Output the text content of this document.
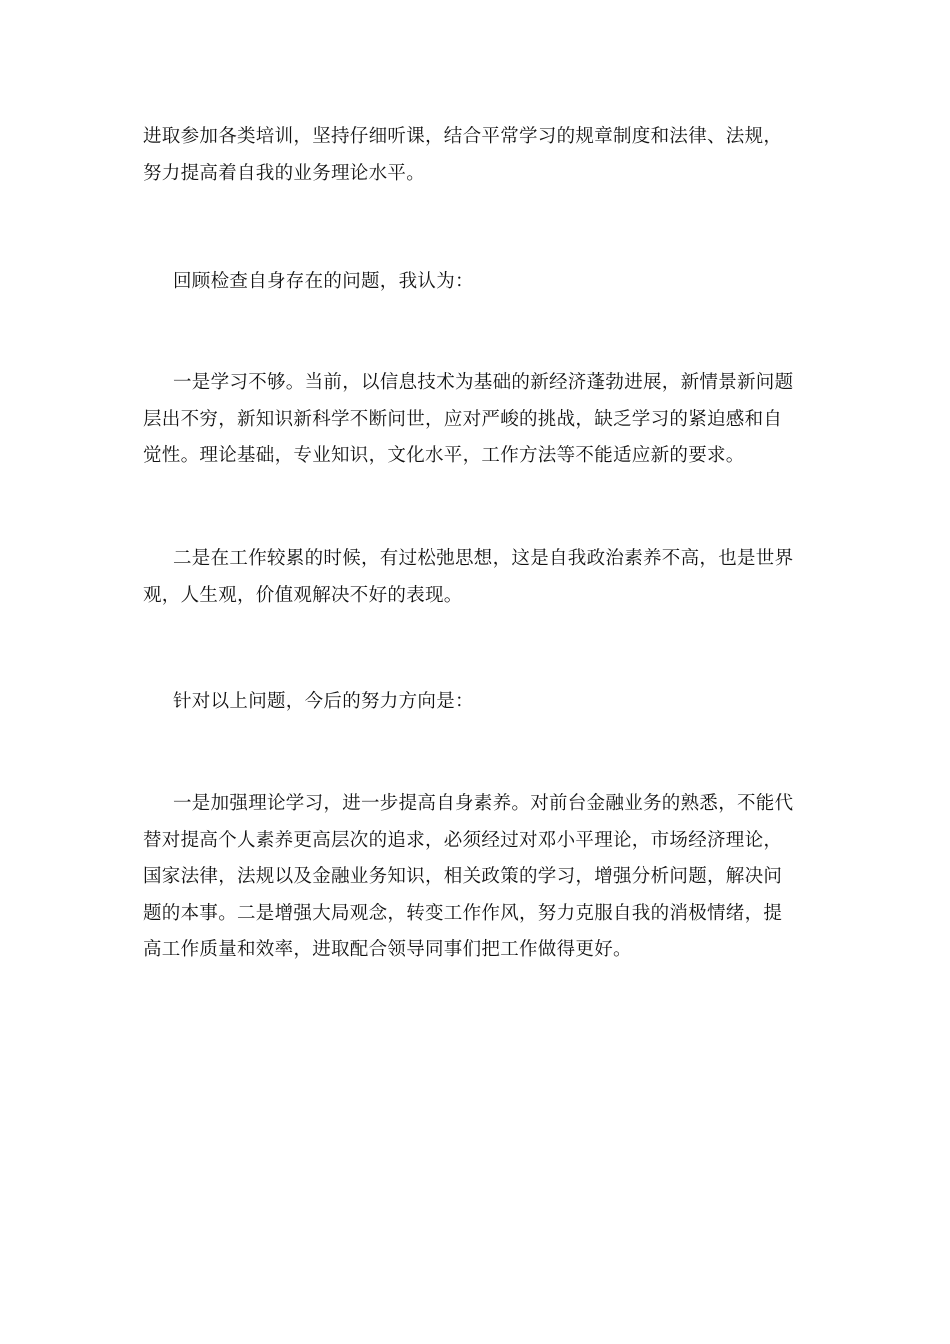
进取参加各类培训，坚持仔细听课，结合平常学习的规章制度和法律、法规，
努力提高着自我的业务理论水平。

回顾检查自身存在的问题，我认为：

一是学习不够。当前，以信息技术为基础的新经济蓬勃进展，新情景新问题
层出不穷，新知识新科学不断问世，应对严峻的挑战，缺乏学习的紧迫感和自
觉性。理论基础，专业知识，文化水平，工作方法等不能适应新的要求。

二是在工作较累的时候，有过松弛思想，这是自我政治素养不高，也是世界
观，人生观，价值观解决不好的表现。

针对以上问题，今后的努力方向是：

一是加强理论学习，进一步提高自身素养。对前台金融业务的熟悉，不能代
替对提高个人素养更高层次的追求，必须经过对邓小平理论，市场经济理论，
国家法律，法规以及金融业务知识，相关政策的学习，增强分析问题，解决问
题的本事。二是增强大局观念，转变工作作风，努力克服自我的消极情绪，提
高工作质量和效率，进取配合领导同事们把工作做得更好。
